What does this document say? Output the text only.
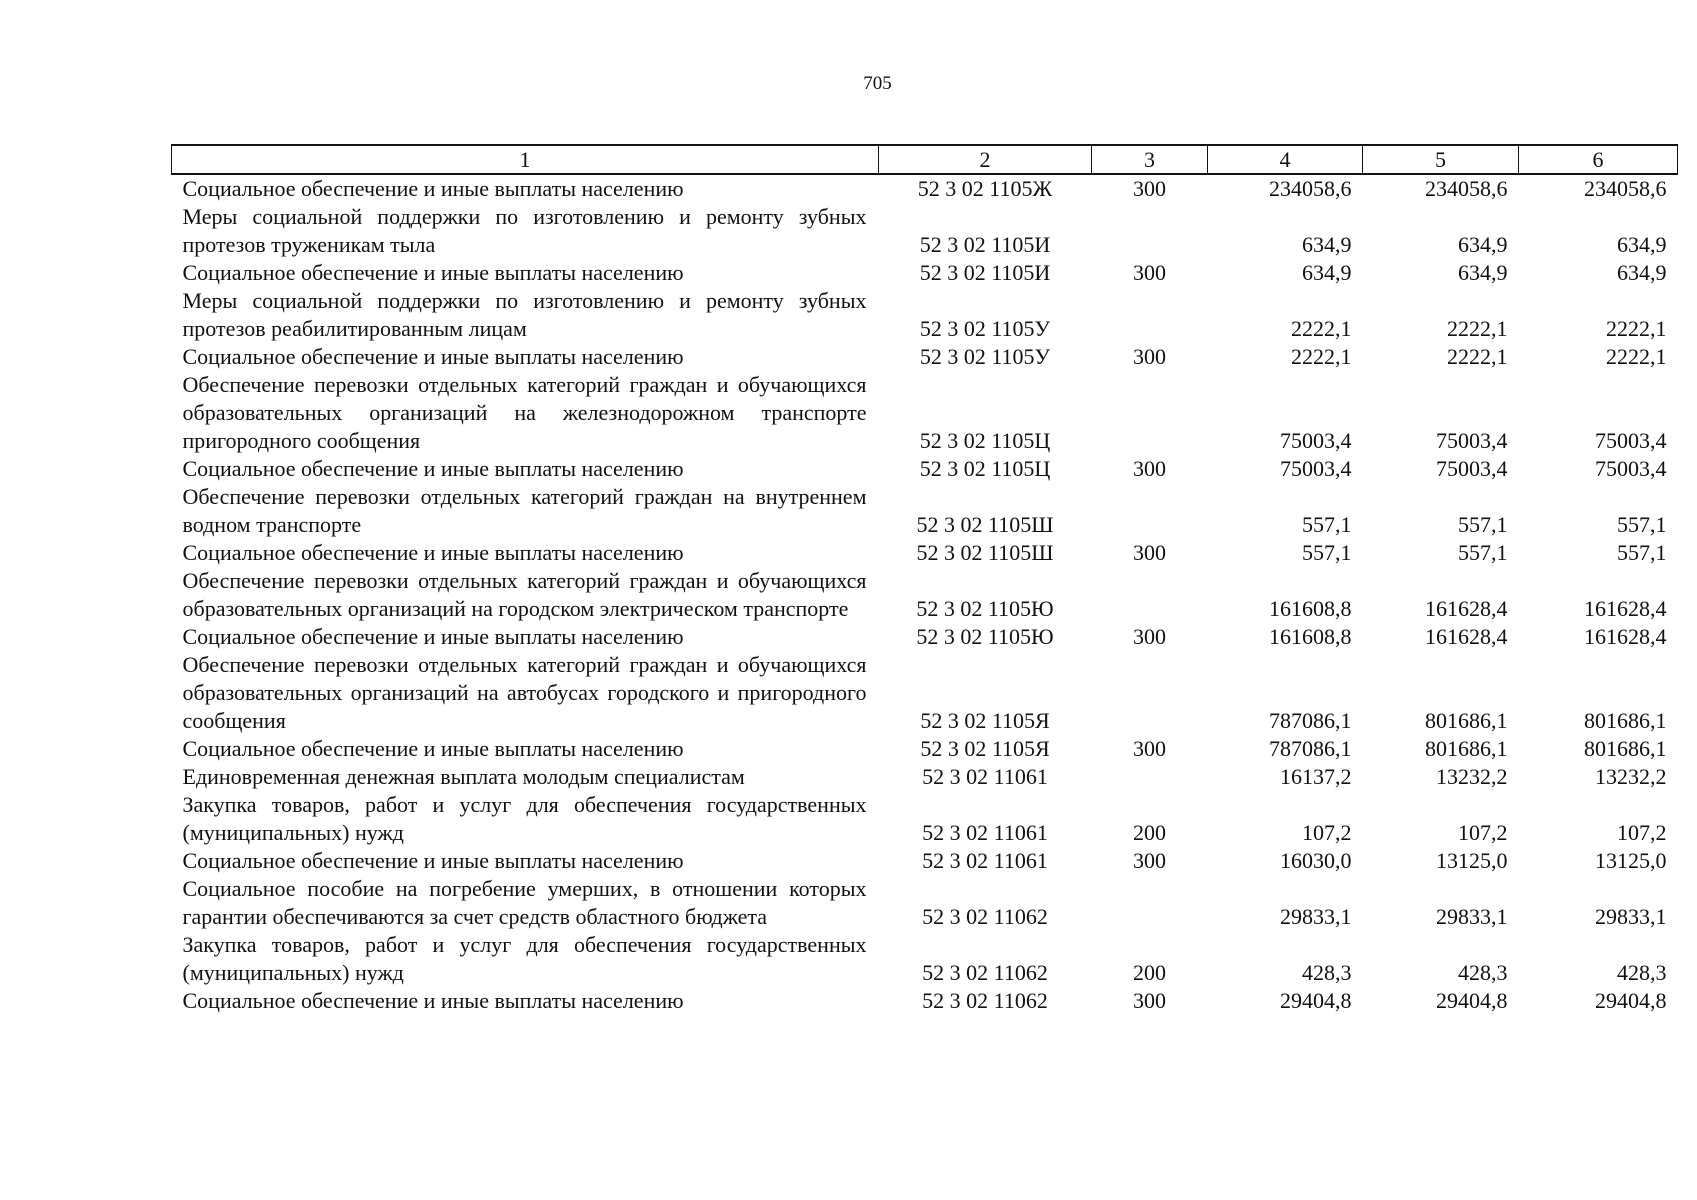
705
1	2	3	4	5	6
Социальное обеспечение и иные выплаты населению	52 3 02 1105Ж	300	234058,6	234058,6	234058,6
Меры социальной поддержки по изготовлению и ремонту зубных протезов труженикам тыла	52 3 02 1105И		634,9	634,9	634,9
Социальное обеспечение и иные выплаты населению	52 3 02 1105И	300	634,9	634,9	634,9
Меры социальной поддержки по изготовлению и ремонту зубных протезов реабилитированным лицам	52 3 02 1105У		2222,1	2222,1	2222,1
Социальное обеспечение и иные выплаты населению	52 3 02 1105У	300	2222,1	2222,1	2222,1
Обеспечение перевозки отдельных категорий граждан и обучающихся образовательных организаций на железнодорожном транспорте пригородного сообщения	52 3 02 1105Ц		75003,4	75003,4	75003,4
Социальное обеспечение и иные выплаты населению	52 3 02 1105Ц	300	75003,4	75003,4	75003,4
Обеспечение перевозки отдельных категорий граждан на внутреннем водном транспорте	52 3 02 1105Ш		557,1	557,1	557,1
Социальное обеспечение и иные выплаты населению	52 3 02 1105Ш	300	557,1	557,1	557,1
Обеспечение перевозки отдельных категорий граждан и обучающихся образовательных организаций на городском электрическом транспорте	52 3 02 1105Ю		161608,8	161628,4	161628,4
Социальное обеспечение и иные выплаты населению	52 3 02 1105Ю	300	161608,8	161628,4	161628,4
Обеспечение перевозки отдельных категорий граждан и обучающихся образовательных организаций на автобусах городского и пригородного сообщения	52 3 02 1105Я		787086,1	801686,1	801686,1
Социальное обеспечение и иные выплаты населению	52 3 02 1105Я	300	787086,1	801686,1	801686,1
Единовременная денежная выплата молодым специалистам	52 3 02 11061		16137,2	13232,2	13232,2
Закупка товаров, работ и услуг для обеспечения государственных (муниципальных) нужд	52 3 02 11061	200	107,2	107,2	107,2
Социальное обеспечение и иные выплаты населению	52 3 02 11061	300	16030,0	13125,0	13125,0
Социальное пособие на погребение умерших, в отношении которых гарантии обеспечиваются за счет средств областного бюджета	52 3 02 11062		29833,1	29833,1	29833,1
Закупка товаров, работ и услуг для обеспечения государственных (муниципальных) нужд	52 3 02 11062	200	428,3	428,3	428,3
Социальное обеспечение и иные выплаты населению	52 3 02 11062	300	29404,8	29404,8	29404,8
